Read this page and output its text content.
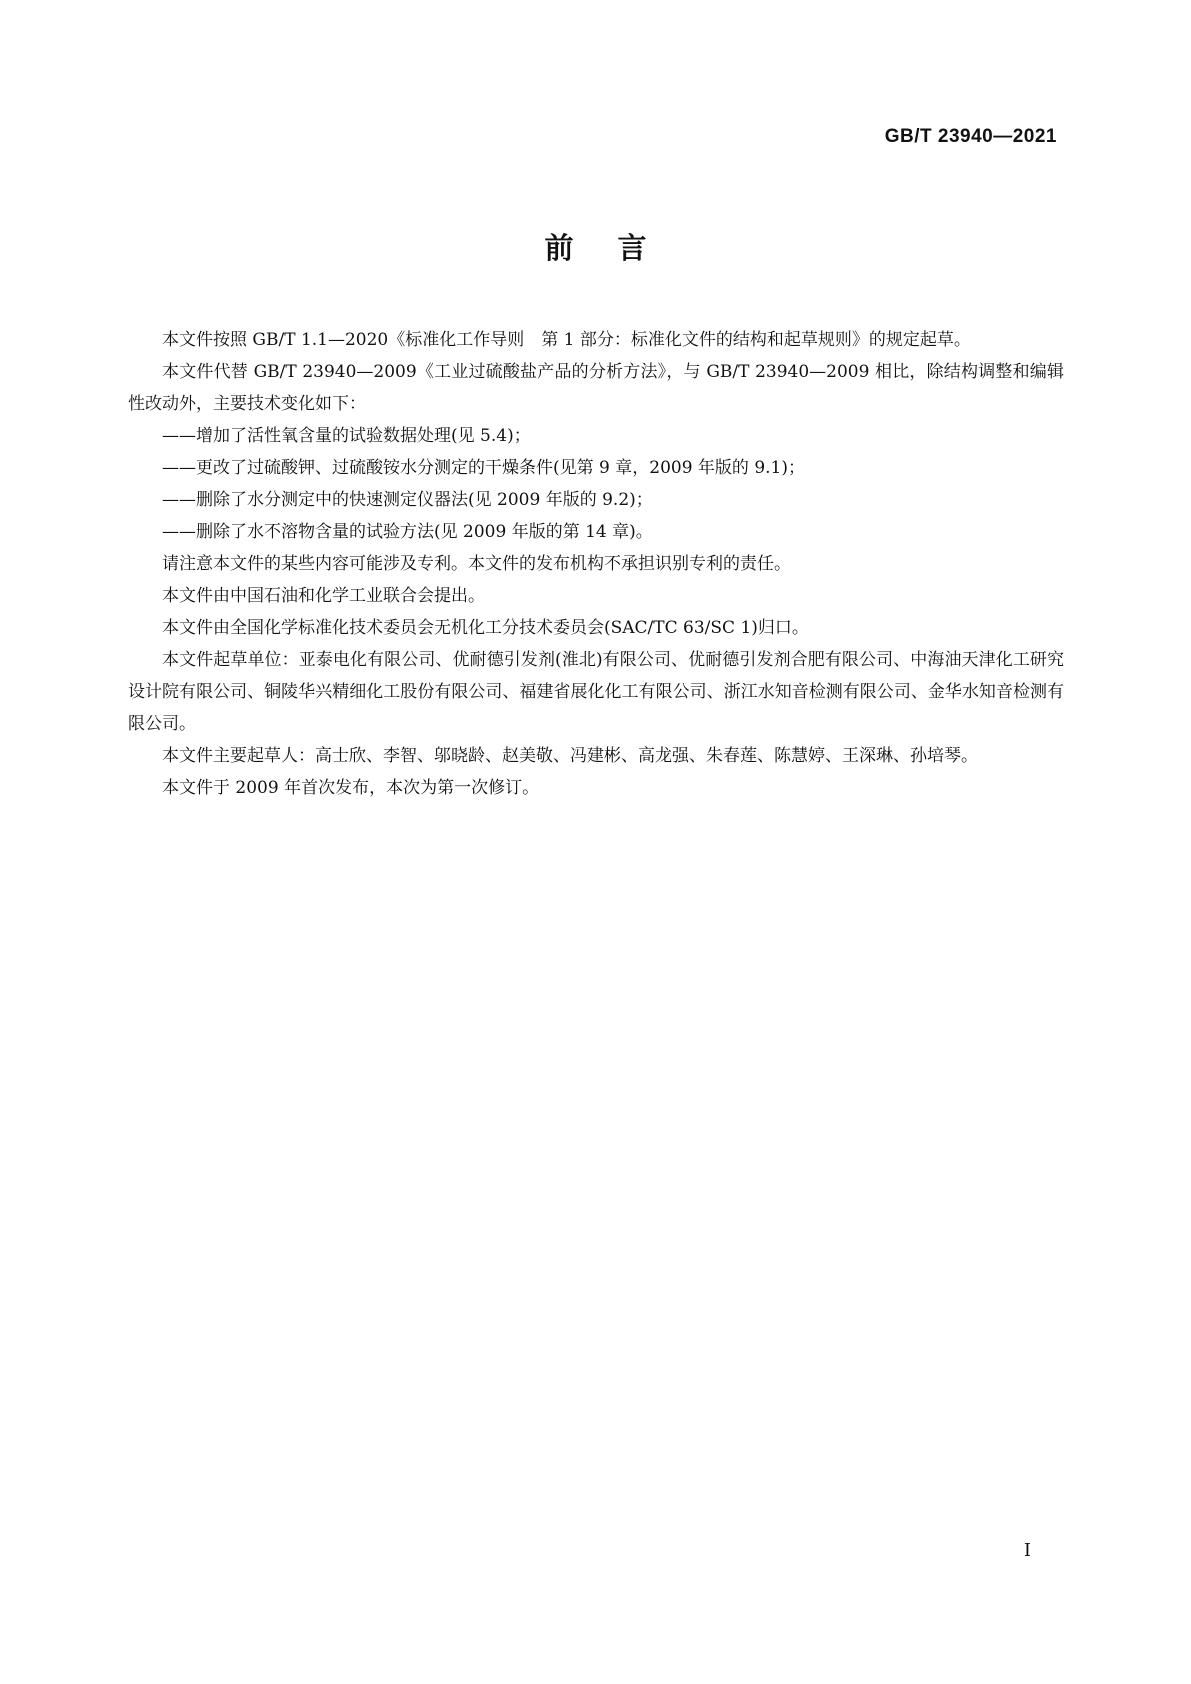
GB/T 23940—2021
前言

本文件按照 GB/T 1.1—2020《标准化工作导则　第 1 部分：标准化文件的结构和起草规则》的规定起草。

本文件代替 GB/T 23940—2009《工业过硫酸盐产品的分析方法》，与 GB/T 23940—2009 相比，除结构调整和编辑性改动外，主要技术变化如下：

——增加了活性氧含量的试验数据处理(见 5.4)；

——更改了过硫酸钾、过硫酸铵水分测定的干燥条件(见第 9 章，2009 年版的 9.1)；

——删除了水分测定中的快速测定仪器法(见 2009 年版的 9.2)；

——删除了水不溶物含量的试验方法(见 2009 年版的第 14 章)。

请注意本文件的某些内容可能涉及专利。本文件的发布机构不承担识别专利的责任。

本文件由中国石油和化学工业联合会提出。

本文件由全国化学标准化技术委员会无机化工分技术委员会(SAC/TC 63/SC 1)归口。

本文件起草单位：亚泰电化有限公司、优耐德引发剂(淮北)有限公司、优耐德引发剂合肥有限公司、中海油天津化工研究设计院有限公司、铜陵华兴精细化工股份有限公司、福建省展化化工有限公司、浙江水知音检测有限公司、金华水知音检测有限公司。

本文件主要起草人：高士欣、李智、邬晓龄、赵美敬、冯建彬、高龙强、朱春莲、陈慧婷、王深琳、孙培琴。

本文件于 2009 年首次发布，本次为第一次修订。

I
